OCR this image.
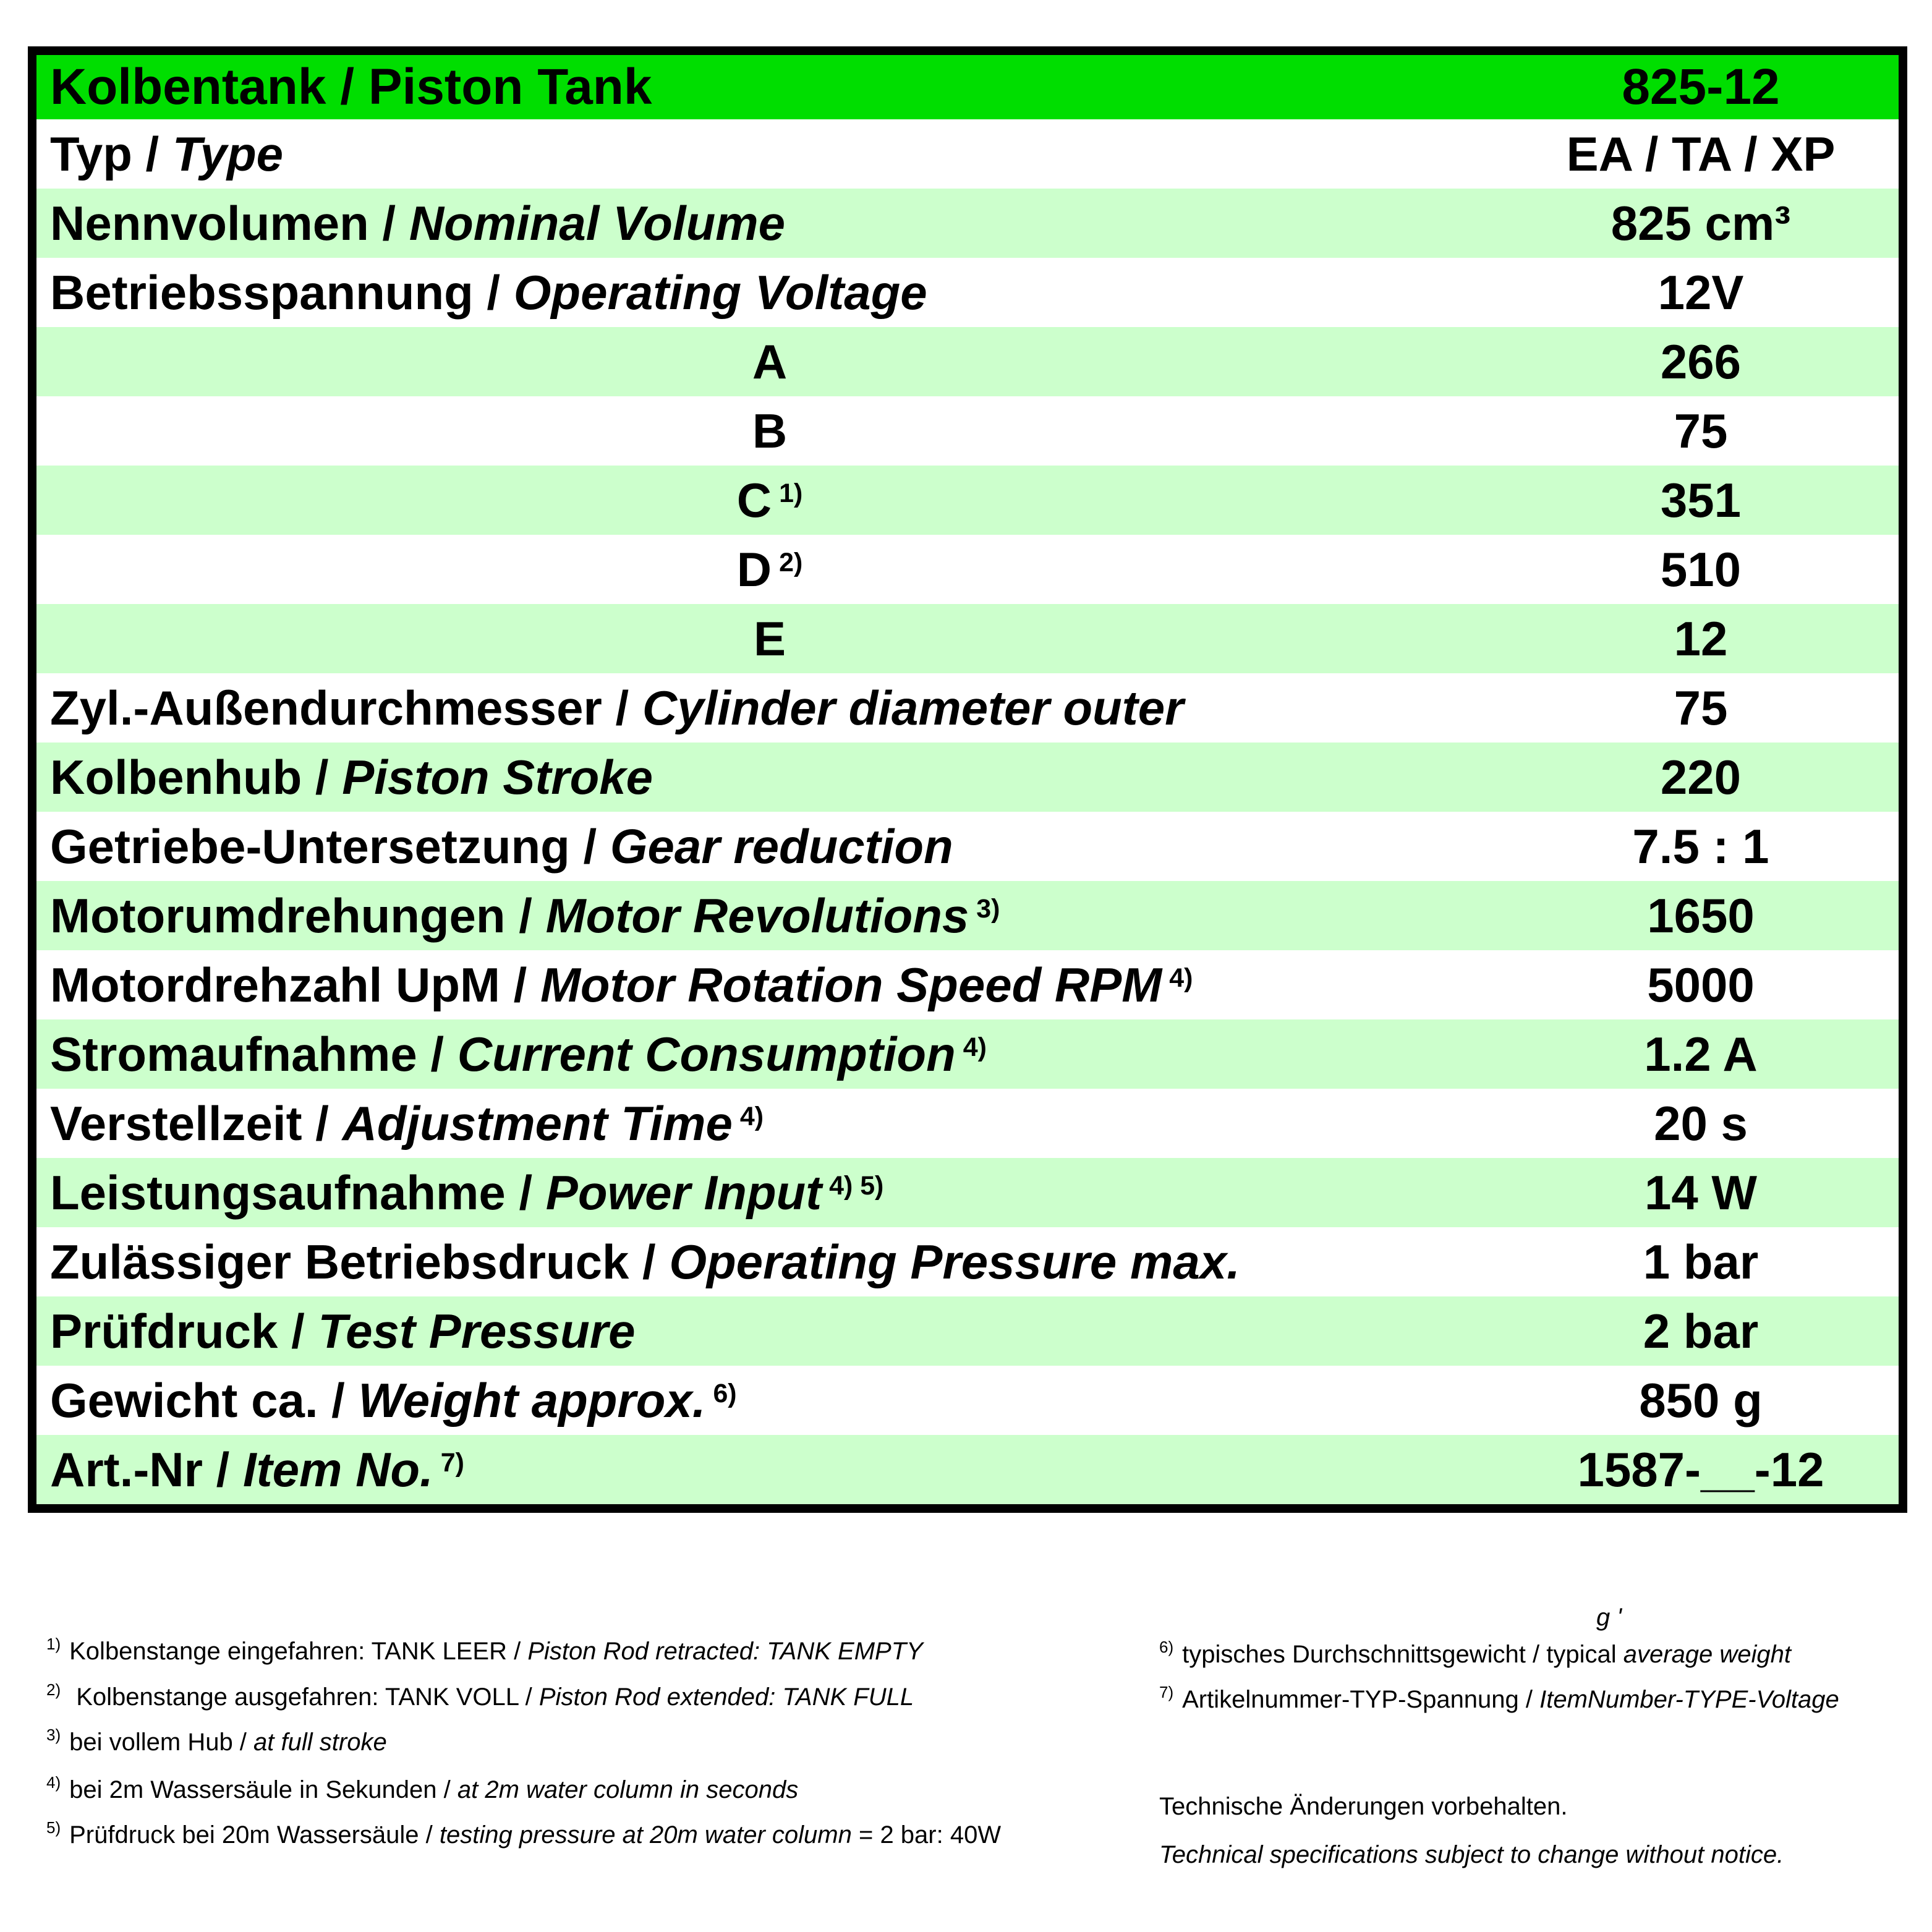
Kolbentank / Piston Tank	825-12
Typ / Type	EA / TA / XP
Nennvolumen / Nominal Volume	825 cm³
Betriebsspannung / Operating Voltage	12V
A	266
B	75
C $^{1)}$	351
D $^{2)}$	510
E	12
Zyl.-Außendurchmesser / Cylinder diameter outer	75
Kolbenhub / Piston Stroke	220
Getriebe-Untersetzung / Gear reduction	7.5 : 1
Motorumdrehungen / Motor Revolutions $^{3)}$	1650
Motordrehzahl UpM / Motor Rotation Speed RPM $^{4)}$	5000
Stromaufnahme / Current Consumption $^{4)}$	1.2 A
Verstellzeit / Adjustment Time $^{4)}$	20 s
Leistungsaufnahme / Power Input $^{4) 5)}$	14 W
Zulässiger Betriebsdruck / Operating Pressure max.	1 bar
Prüfdruck / Test Pressure	2 bar
Gewicht ca. / Weight approx. $^{6)}$	850 g
Art.-Nr / Item No. $^{7)}$	1587-__-12
$^{1)}$ Kolbenstange eingefahren: TANK LEER / Piston Rod retracted: TANK EMPTY
$^{2)}$ Kolbenstange ausgefahren: TANK VOLL / Piston Rod extended: TANK FULL
$^{3)}$ bei vollem Hub / at full stroke
$^{4)}$ bei 2m Wassersäule in Sekunden / at 2m water column in seconds
$^{5)}$ Prüfdruck bei 20m Wassersäule / testing pressure at 20m water column = 2 bar: 40W
$^{6)}$ typisches Durchschnittsgewicht / typical average weight
$^{7)}$ Artikelnummer-TYP-Spannung / ItemNumber-TYPE-Voltage
Technische Änderungen vorbehalten.
Technical specifications subject to change without notice.
g '
